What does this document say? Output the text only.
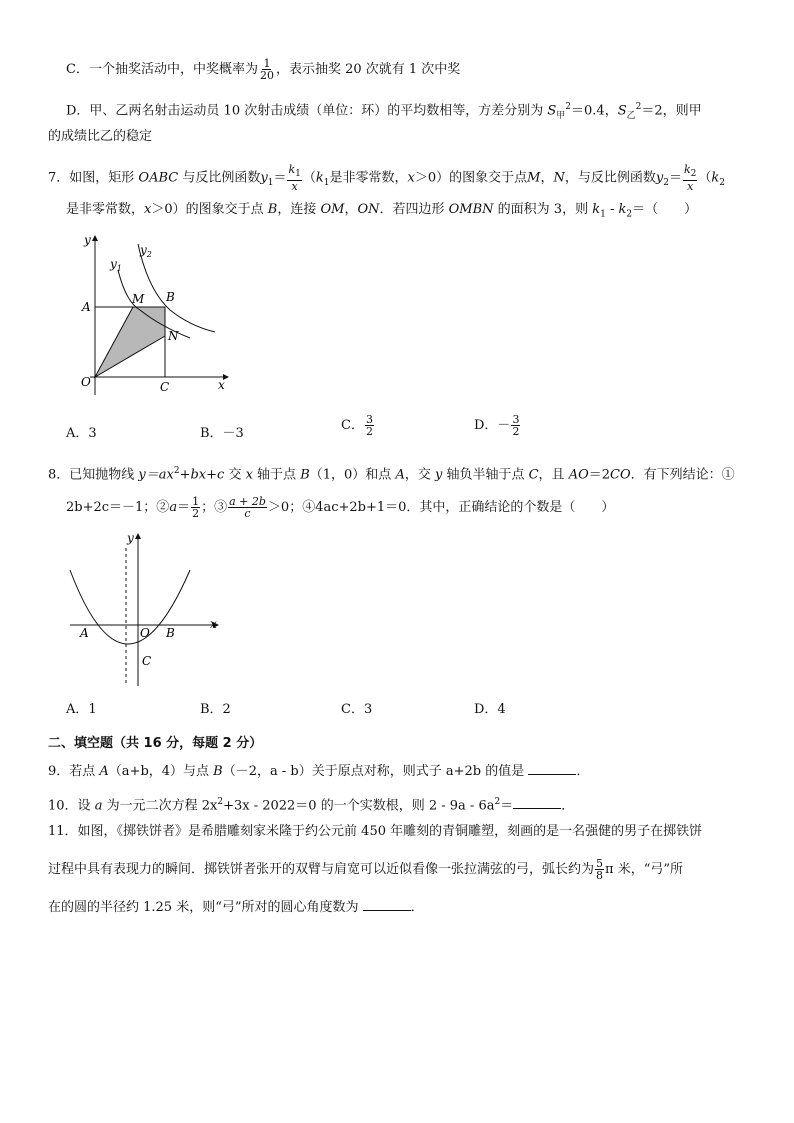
C．一个抽奖活动中，中奖概率为 $\frac{1}{20}$ ，表示抽奖 20 次就有 1 次中奖
D．甲、乙两名射击运动员 10 次射击成绩（单位：环）的平均数相等，方差分别为 $S_甲^2=0.4$，$S_乙^2=2$，则甲
的成绩比乙的稳定
7．如图，矩形 OABC 与反比例函数$y_1= \frac{k_1}{x} (k_1$是非零常数，x＞0）的图象交于点M，N，与反比例函数$y_2= \frac{k_2}{x} (k_2$
是非零常数，x＞0）的图象交于点 B，连接 OM，ON．若四边形 OMBN 的面积为 3，则 $k_1 - k_2=$（　　）
y
x
$y_1$
$y_2$
A
M B
N
O	C
A．3	B．－3
C． $\frac{3}{2}$	D．－ $\frac{3}{2}$
8．已知抛物线 $y=ax^2+bx+c$ 交 x 轴于点 B（1，0）和点 A，交 y 轴负半轴于点 C，且 AO＝2CO．有下列结论：①
2b+2c＝－1；②a＝ $\frac{1}{2}$ ；③ $\frac{a + 2b}{c} >0$；④4ac+2b+1＝0．其中，正确结论的个数是（　　）
y
x
A	O B
C
A．1	B．2	C．3	D．4
二、填空题（共 16 分，每题 2 分）
9．若点 A（a+b，4）与点 B（－2，a - b）关于原点对称，则式子 a+2b 的值是	．
10．设 a 为一元二次方程 $2x^2+3x - 2022=0$ 的一个实数根，则 $2 - 9a - 6a^2=$	．
11．如图，《掷铁饼者》是希腊雕刻家米隆于约公元前 450 年雕刻的青铜雕塑，刻画的是一名强健的男子在掷铁饼
过程中具有表现力的瞬间．掷铁饼者张开的双臂与肩宽可以近似看像一张拉满弦的弓，弧长约为 $\frac{5}{8}$ π 米，“弓”所
在的圆的半径约 1.25 米，则“弓”所对的圆心角度数为	．
